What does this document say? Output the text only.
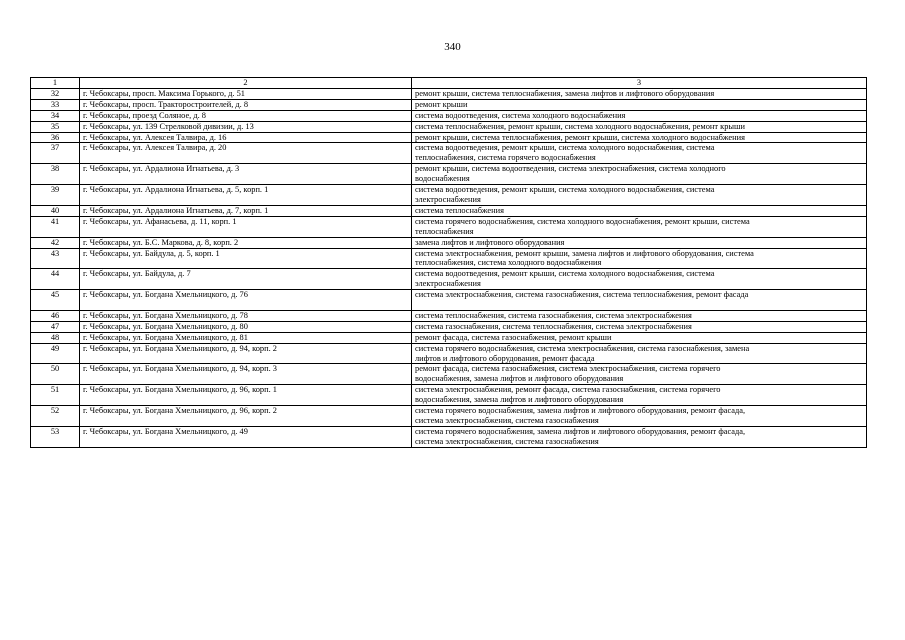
340
1	2	3
32	г. Чебоксары, просп. Максима Горького, д. 51	ремонт крыши, система теплоснабжения, замена лифтов и лифтового оборудования

33	г. Чебоксары, просп. Тракторостроителей, д. 8	ремонт крыши

34	г. Чебоксары, проезд Соляное, д. 8	система водоотведения, система холодного водоснабжения

35	г. Чебоксары, ул. 139 Стрелковой дивизии, д. 13	система теплоснабжения, ремонт крыши, система холодного водоснабжения, ремонт крыши

36	г. Чебоксары, ул. Алексея Талвира, д. 16	ремонт крыши, система теплоснабжения, ремонт крыши, система холодного водоснабжения

37	г. Чебоксары, ул. Алексея Талвира, д. 20	система водоотведения, ремонт крыши, система холодного водоснабжения, система
теплоснабжения, система горячего водоснабжения

38	г. Чебоксары, ул. Ардалиона Игнатьева, д. 3	ремонт крыши, система водоотведения, система электроснабжения, система холодного
водоснабжения

39	г. Чебоксары, ул. Ардалиона Игнатьева, д. 5, корп. 1	система водоотведения, ремонт крыши, система холодного водоснабжения, система
электроснабжения

40	г. Чебоксары, ул. Ардалиона Игнатьева, д. 7, корп. 1	система теплоснабжения

41	г. Чебоксары, ул. Афанасьева, д. 11, корп. 1	система горячего водоснабжения, система холодного водоснабжения, ремонт крыши, система
теплоснабжения

42	г. Чебоксары, ул. Б.С. Маркова, д. 8, корп. 2	замена лифтов и лифтового оборудования

43	г. Чебоксары, ул. Байдула, д. 5, корп. 1	система электроснабжения, ремонт крыши, замена лифтов и лифтового оборудования, система
теплоснабжения, система холодного водоснабжения

44	г. Чебоксары, ул. Байдула, д. 7	система водоотведения, ремонт крыши, система холодного водоснабжения, система
электроснабжения

45	г. Чебоксары, ул. Богдана Хмельницкого, д. 76	система электроснабжения, система газоснабжения, система теплоснабжения, ремонт фасада

46	г. Чебоксары, ул. Богдана Хмельницкого, д. 78	система теплоснабжения, система газоснабжения, система электроснабжения

47	г. Чебоксары, ул. Богдана Хмельницкого, д. 80	система газоснабжения, система теплоснабжения, система электроснабжения

48	г. Чебоксары, ул. Богдана Хмельницкого, д. 81	ремонт фасада, система газоснабжения, ремонт крыши

49	г. Чебоксары, ул. Богдана Хмельницкого, д. 94, корп. 2	система горячего водоснабжения, система электроснабжения, система газоснабжения, замена
лифтов и лифтового оборудования, ремонт фасада

50	г. Чебоксары, ул. Богдана Хмельницкого, д. 94, корп. 3	ремонт фасада, система газоснабжения, система электроснабжения, система горячего
водоснабжения, замена лифтов и лифтового оборудования

51	г. Чебоксары, ул. Богдана Хмельницкого, д. 96, корп. 1	система электроснабжения, ремонт фасада, система газоснабжения, система горячего
водоснабжения, замена лифтов и лифтового оборудования

52	г. Чебоксары, ул. Богдана Хмельницкого, д. 96, корп. 2	система горячего водоснабжения, замена лифтов и лифтового оборудования, ремонт фасада,
система электроснабжения, система газоснабжения

53	г. Чебоксары, ул. Богдана Хмельницкого, д. 49	система горячего водоснабжения, замена лифтов и лифтового оборудования, ремонт фасада,
система электроснабжения, система газоснабжения
